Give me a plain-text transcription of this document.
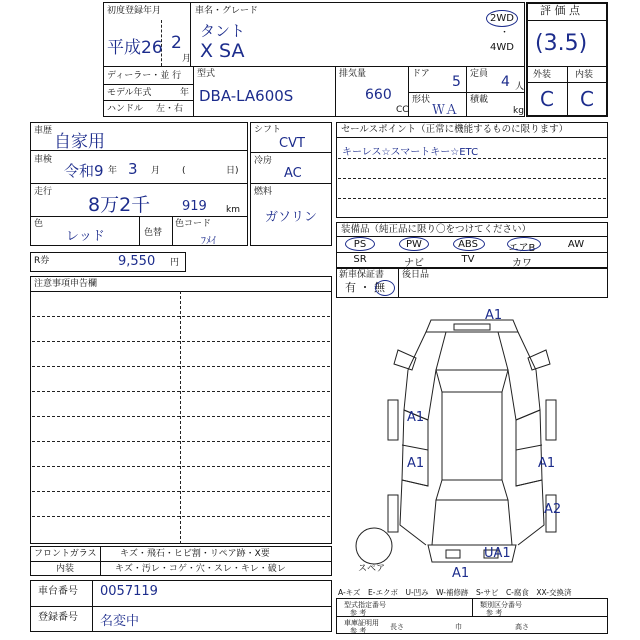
初度登録年月
平成26 2
月
車名・グレード
タント
X SA
2WD
・
4WD
ディーラー・並 行
モデル年式	年
ハンドル 左・右
型式
DBA-LA600S
排気量
660
CC
ドア 5 定員 4 人
形状
ＷＡ
積載
kg
評 価 点
(3.5)
外装	内装
C C
車歴
自家用
車検
令和9 年 3 月 (	日)
走行
8万2千 919 km
色
レッド	色替
色コード
ﾌﾒｲ
シフト
CVT
冷房
AC
燃料
ガソリン
セールスポイント（正常に機能するものに限ります）
キーレス☆スマートキー☆ETC
装備品（純正品に限り〇をつけてください）
PS	PW	ABS	エアB	AW
SR	ナビ	TV	カワ
新車保証書
有 ・ 無
後日品
R券	9,550 円
注意事項申告欄
A1
A1
A1	A1
A2
UA1
A1
スペア
フロントガラス	キズ・飛石・ヒビ割・リペア跡・X要
内装	キズ・汚レ・コゲ・穴・スレ・キレ・破レ
A-キズ　E-エクボ　U-凹み　W-補修跡　S-サビ　C-腐食　XX-交換済
車台番号 0057119
登録番号 名変中
型式指定番号
参 考
類別区分番号
参 考
車庫証明用
参 考	長さ	巾	高さ
